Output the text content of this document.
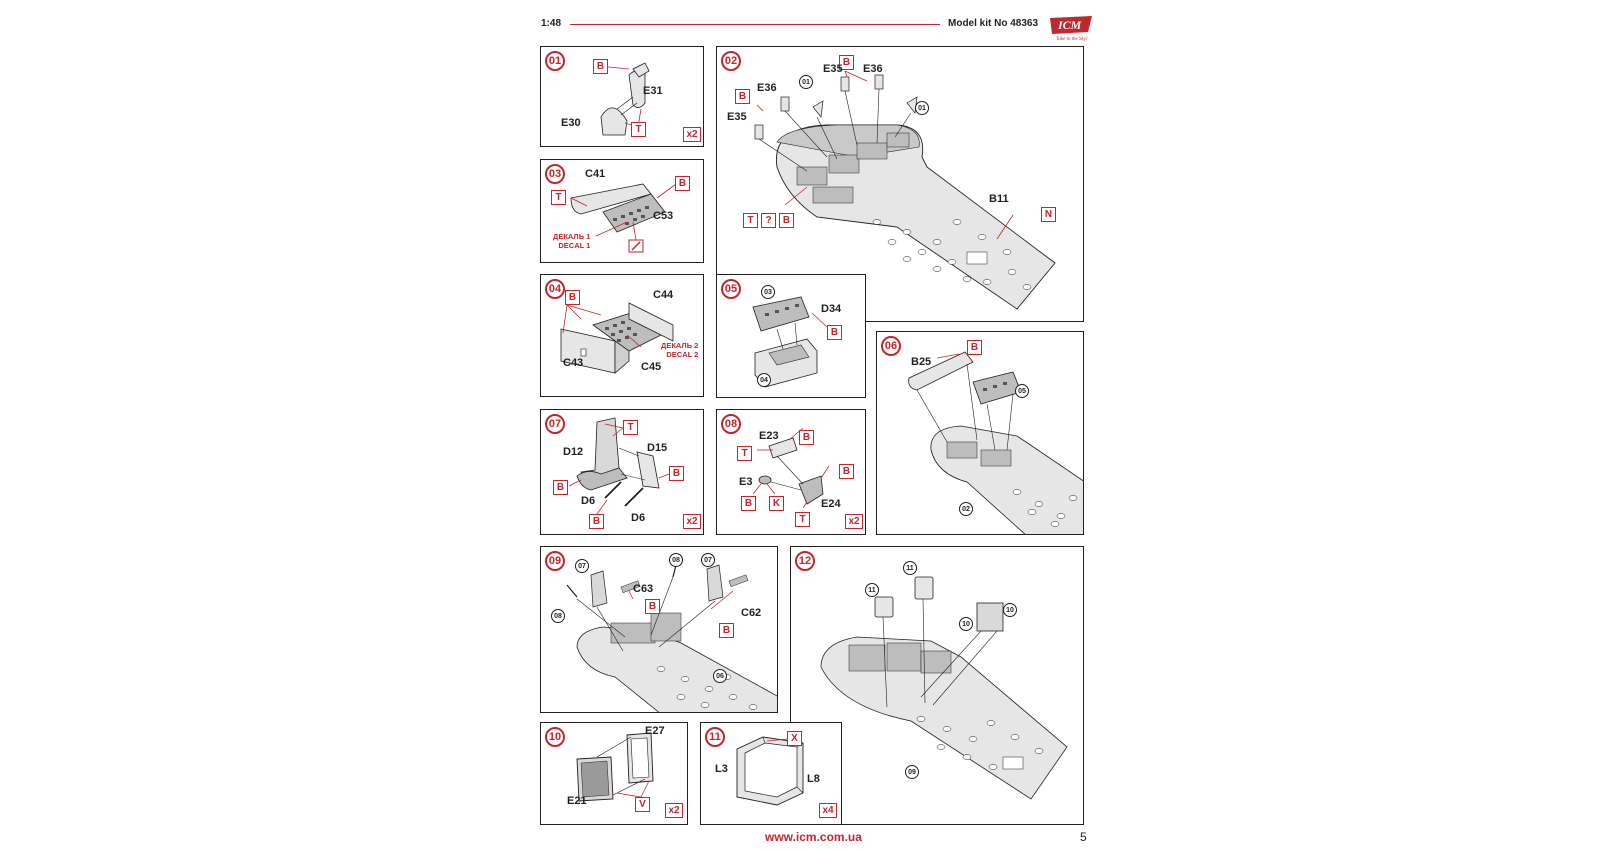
1:48	Model kit No 48363 ICM
Take to the Sky!
01	B
E31
E30
T	x2
02	B
E35 E36
01
E36
B
E35
01
T	?	B
B11
N
03	C41
T
B
C53
ДЕКАЛЬ 1
DECAL 1
04
B	C44
ДЕКАЛЬ 2
DECAL 2
C43	C45
05	03
D34
B
04
06	B
B25
05
02
07	T
D12	D15
B
B
D6
B	D6	x2
08
E23	B
T
B
E3
B	K	E24
T	x2
09	07
08	07
C63
B
08	C62
B
06
12
11
11
10
10
09
10	E27
E21	V
x2
11	X
L3
L8
x4
www.icm.com.ua	5
